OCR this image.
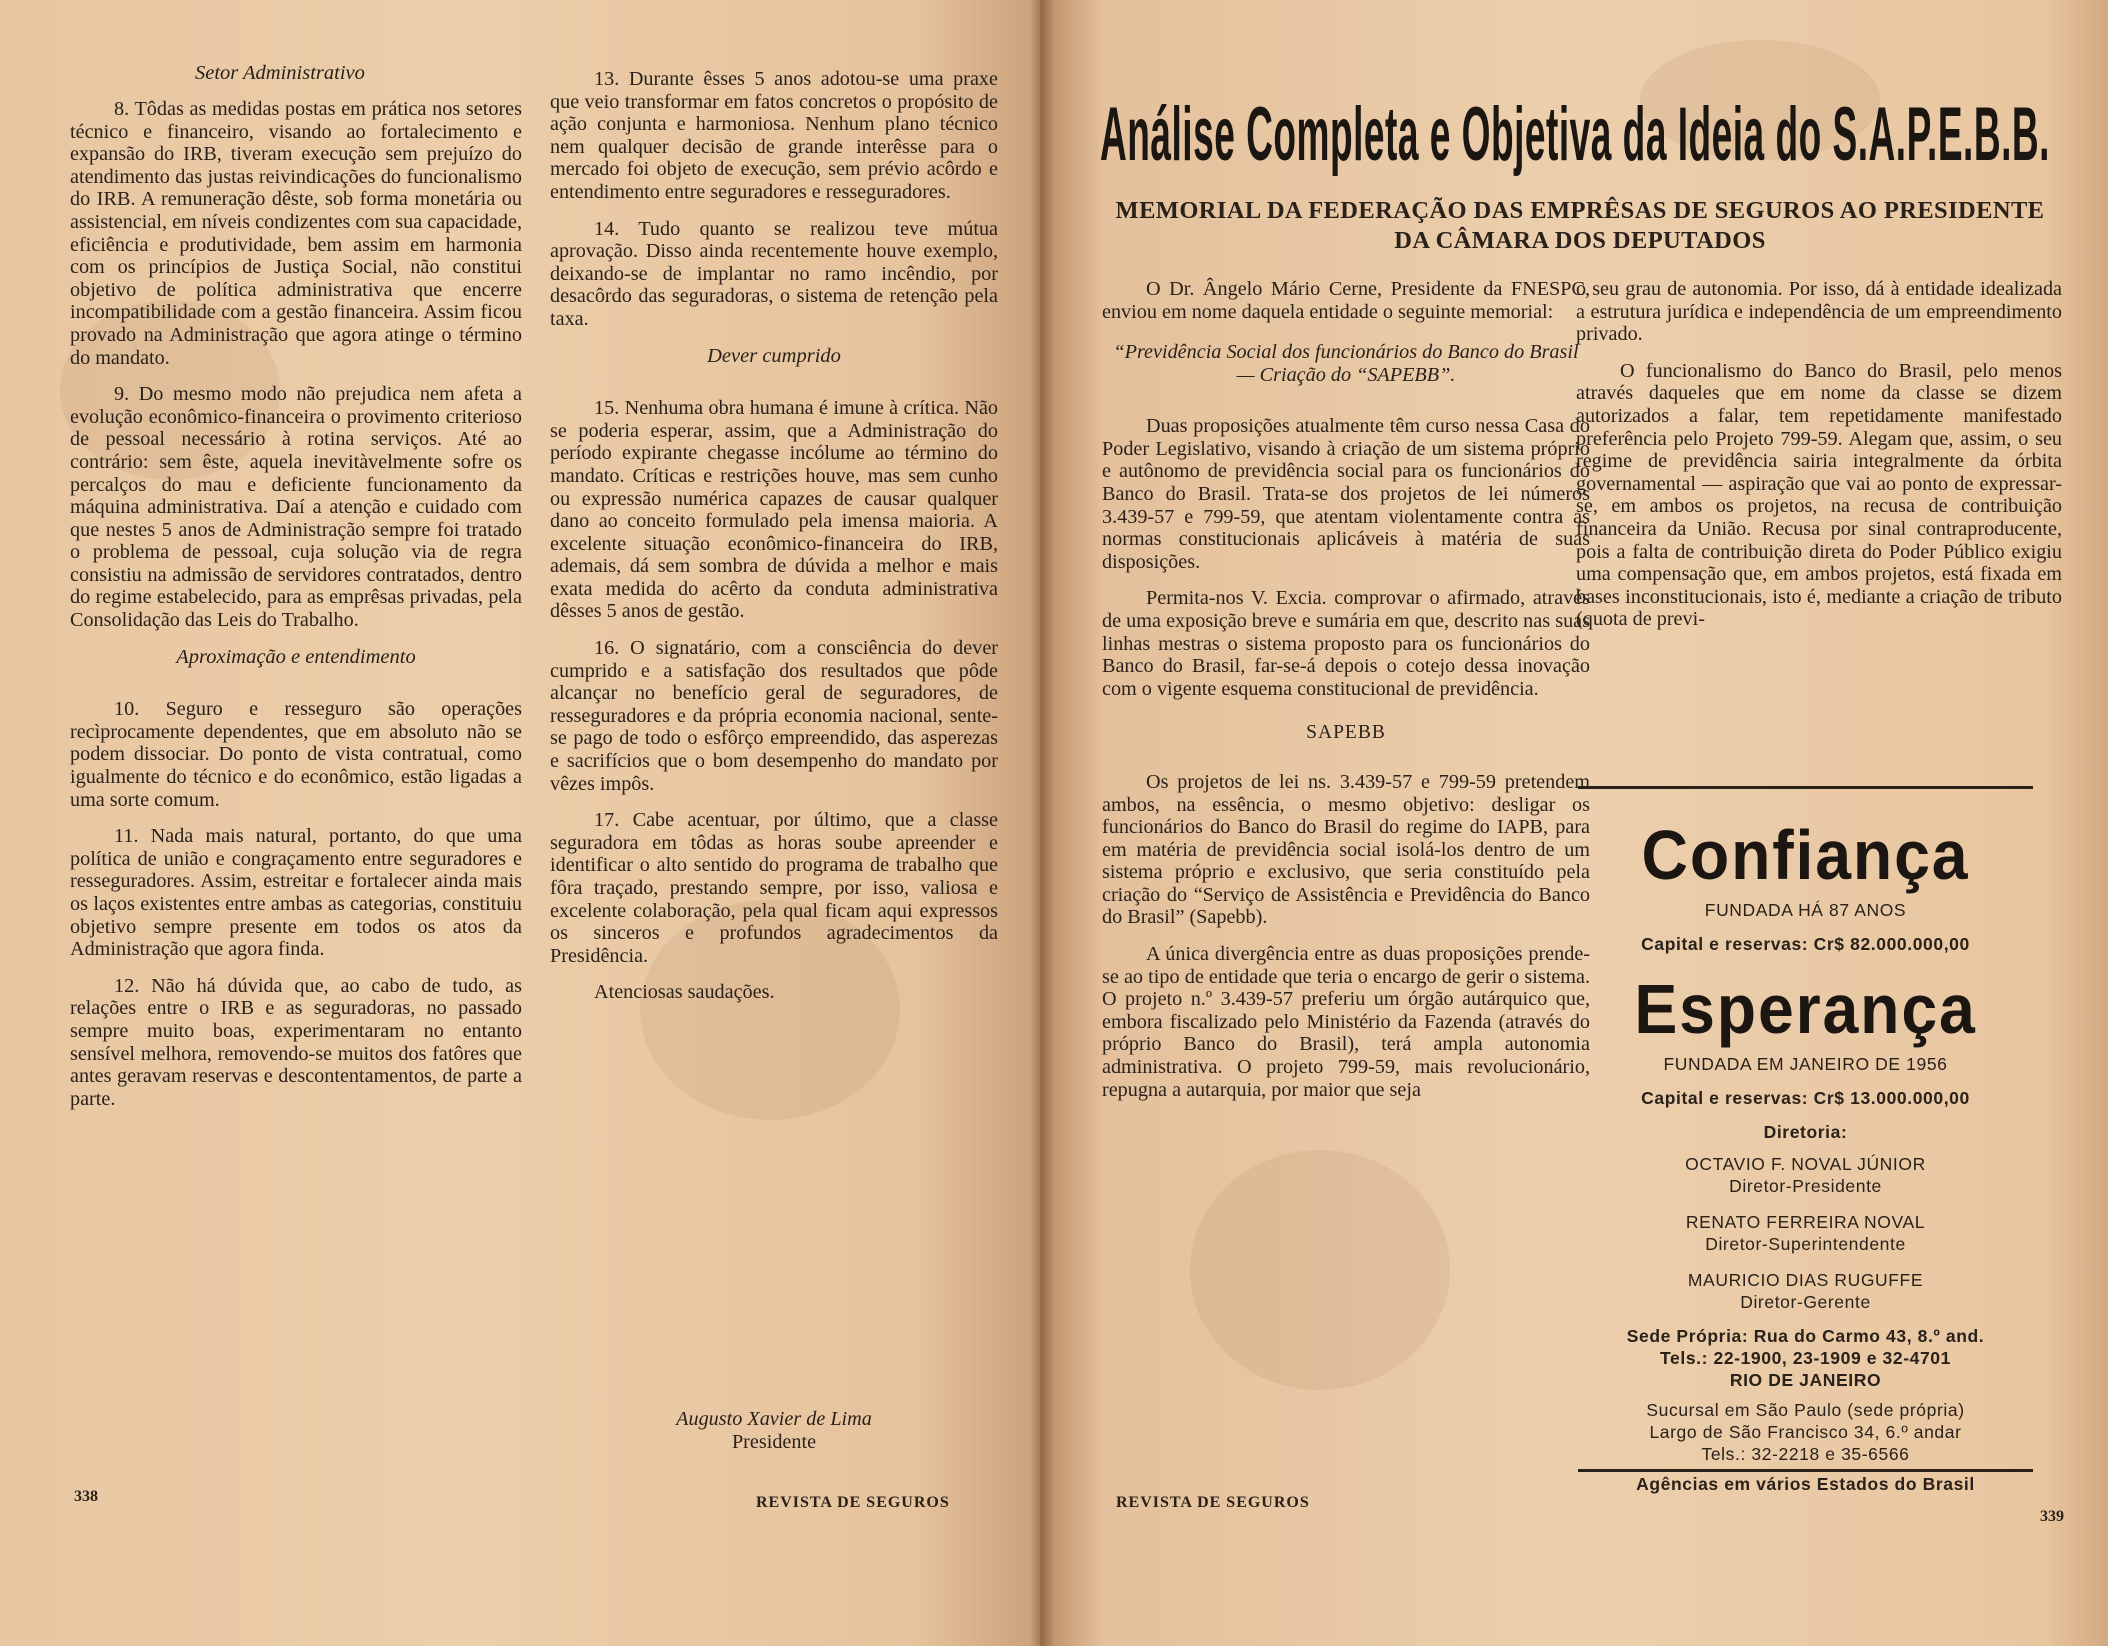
Setor Administrativo

8. Tôdas as medidas postas em prática nos setores técnico e financeiro, visando ao fortalecimento e expansão do IRB, tiveram execução sem prejuízo do atendimento das justas reivindicações do funcionalismo do IRB. A remuneração dêste, sob forma monetária ou assistencial, em níveis condizentes com sua capacidade, eficiência e produtividade, bem assim em harmonia com os princípios de Justiça Social, não constitui objetivo de política administrativa que encerre incompatibilidade com a gestão financeira. Assim ficou provado na Administração que agora atinge o término do mandato.

9. Do mesmo modo não prejudica nem afeta a evolução econômico-financeira o provimento criterioso de pessoal necessário à rotina serviços. Até ao contrário: sem êste, aquela inevitàvelmente sofre os percalços do mau e deficiente funcionamento da máquina administrativa. Daí a atenção e cuidado com que nestes 5 anos de Administração sempre foi tratado o problema de pessoal, cuja solução via de regra consistiu na admissão de servidores contratados, dentro do regime estabelecido, para as emprêsas privadas, pela Consolidação das Leis do Trabalho.

Aproximação e entendimento

10. Seguro e resseguro são operações recìprocamente dependentes, que em absoluto não se podem dissociar. Do ponto de vista contratual, como igualmente do técnico e do econômico, estão ligadas a uma sorte comum.

11. Nada mais natural, portanto, do que uma política de união e congraçamento entre seguradores e resseguradores. Assim, estreitar e fortalecer ainda mais os laços existentes entre ambas as categorias, constituiu objetivo sempre presente em todos os atos da Administração que agora finda.

12. Não há dúvida que, ao cabo de tudo, as relações entre o IRB e as seguradoras, no passado sempre muito boas, experimentaram no entanto sensível melhora, removendo-se muitos dos fatôres que antes geravam reservas e descontentamentos, de parte a parte.

13. Durante êsses 5 anos adotou-se uma praxe que veio transformar em fatos concretos o propósito de ação conjunta e harmoniosa. Nenhum plano técnico nem qualquer decisão de grande interêsse para o mercado foi objeto de execução, sem prévio acôrdo e entendimento entre seguradores e resseguradores.

14. Tudo quanto se realizou teve mútua aprovação. Disso ainda recentemente houve exemplo, deixando-se de implantar no ramo incêndio, por desacôrdo das seguradoras, o sistema de retenção pela taxa.

Dever cumprido

15. Nenhuma obra humana é imune à crítica. Não se poderia esperar, assim, que a Administração do período expirante chegasse incólume ao término do mandato. Críticas e restrições houve, mas sem cunho ou expressão numérica capazes de causar qualquer dano ao conceito formulado pela imensa maioria. A excelente situação econômico-financeira do IRB, ademais, dá sem sombra de dúvida a melhor e mais exata medida do acêrto da conduta administrativa dêsses 5 anos de gestão.

16. O signatário, com a consciência do dever cumprido e a satisfação dos resultados que pôde alcançar no benefício geral de seguradores, de resseguradores e da própria economia nacional, sente-se pago de todo o esfôrço empreendido, das asperezas e sacrifícios que o bom desempenho do mandato por vêzes impôs.

17. Cabe acentuar, por último, que a classe seguradora em tôdas as horas soube apreender e identificar o alto sentido do programa de trabalho que fôra traçado, prestando sempre, por isso, valiosa e excelente colaboração, pela qual ficam aqui expressos os sinceros e profundos agradecimentos da Presidência.

Atenciosas saudações.

Augusto Xavier de Lima

Presidente

338	REVISTA DE SEGUROS
Análise Completa e Objetiva da Ideia do S.A.P.E.B.B.
MEMORIAL DA FEDERAÇÃO DAS EMPRÊSAS DE SEGUROS AO PRESIDENTE DA CÂMARA DOS DEPUTADOS

O Dr. Ângelo Mário Cerne, Presidente da FNESPC, enviou em nome daquela entidade o seguinte memorial:

“Previdência Social dos funcionários do Banco do Brasil — Criação do “SAPEBB”.

Duas proposições atualmente têm curso nessa Casa do Poder Legislativo, visando à criação de um sistema próprio e autônomo de previdência social para os funcionários do Banco do Brasil. Trata-se dos projetos de lei números 3.439-57 e 799-59, que atentam violentamente contra as normas constitucionais aplicáveis à matéria de suas disposições.

Permita-nos V. Excia. comprovar o afirmado, através de uma exposição breve e sumária em que, descrito nas suas linhas mestras o sistema proposto para os funcionários do Banco do Brasil, far-se-á depois o cotejo dessa inovação com o vigente esquema constitucional de previdência.

SAPEBB

Os projetos de lei ns. 3.439-57 e 799-59 pretendem ambos, na essência, o mesmo objetivo: desligar os funcionários do Banco do Brasil do regime do IAPB, para em matéria de previdência social isolá-los dentro de um sistema próprio e exclusivo, que seria constituído pela criação do “Serviço de Assistência e Previdência do Banco do Brasil” (Sapebb).

A única divergência entre as duas proposições prende-se ao tipo de entidade que teria o encargo de gerir o sistema. O projeto n.º 3.439-57 preferiu um órgão autárquico que, embora fiscalizado pelo Ministério da Fazenda (através do próprio Banco do Brasil), terá ampla autonomia administrativa. O projeto 799-59, mais revolucionário, repugna a autarquia, por maior que seja

o seu grau de autonomia. Por isso, dá à entidade idealizada a estrutura jurídica e independência de um empreendimento privado.

O funcionalismo do Banco do Brasil, pelo menos através daqueles que em nome da classe se dizem autorizados a falar, tem repetidamente manifestado preferência pelo Projeto 799-59. Alegam que, assim, o seu regime de previdência sairia integralmente da órbita governamental — aspiração que vai ao ponto de expressar-se, em ambos os projetos, na recusa de contribuição financeira da União. Recusa por sinal contraproducente, pois a falta de contribuição direta do Poder Público exigiu uma compensação que, em ambos projetos, está fixada em bases inconstitucionais, isto é, mediante a criação de tributo (quota de previ-

Confiança

FUNDADA HÁ 87 ANOS

Capital e reservas: Cr$ 82.000.000,00

Esperança

FUNDADA EM JANEIRO DE 1956

Capital e reservas: Cr$ 13.000.000,00

Diretoria:

OCTAVIO F. NOVAL JÚNIOR

Diretor-Presidente

RENATO FERREIRA NOVAL

Diretor-Superintendente

MAURICIO DIAS RUGUFFE

Diretor-Gerente

Sede Própria: Rua do Carmo 43, 8.º and.

Tels.: 22-1900, 23-1909 e 32-4701

RIO DE JANEIRO

Sucursal em São Paulo (sede própria)

Largo de São Francisco 34, 6.º andar

Tels.: 32-2218 e 35-6566

Agências em vários Estados do Brasil

REVISTA DE SEGUROS
339
